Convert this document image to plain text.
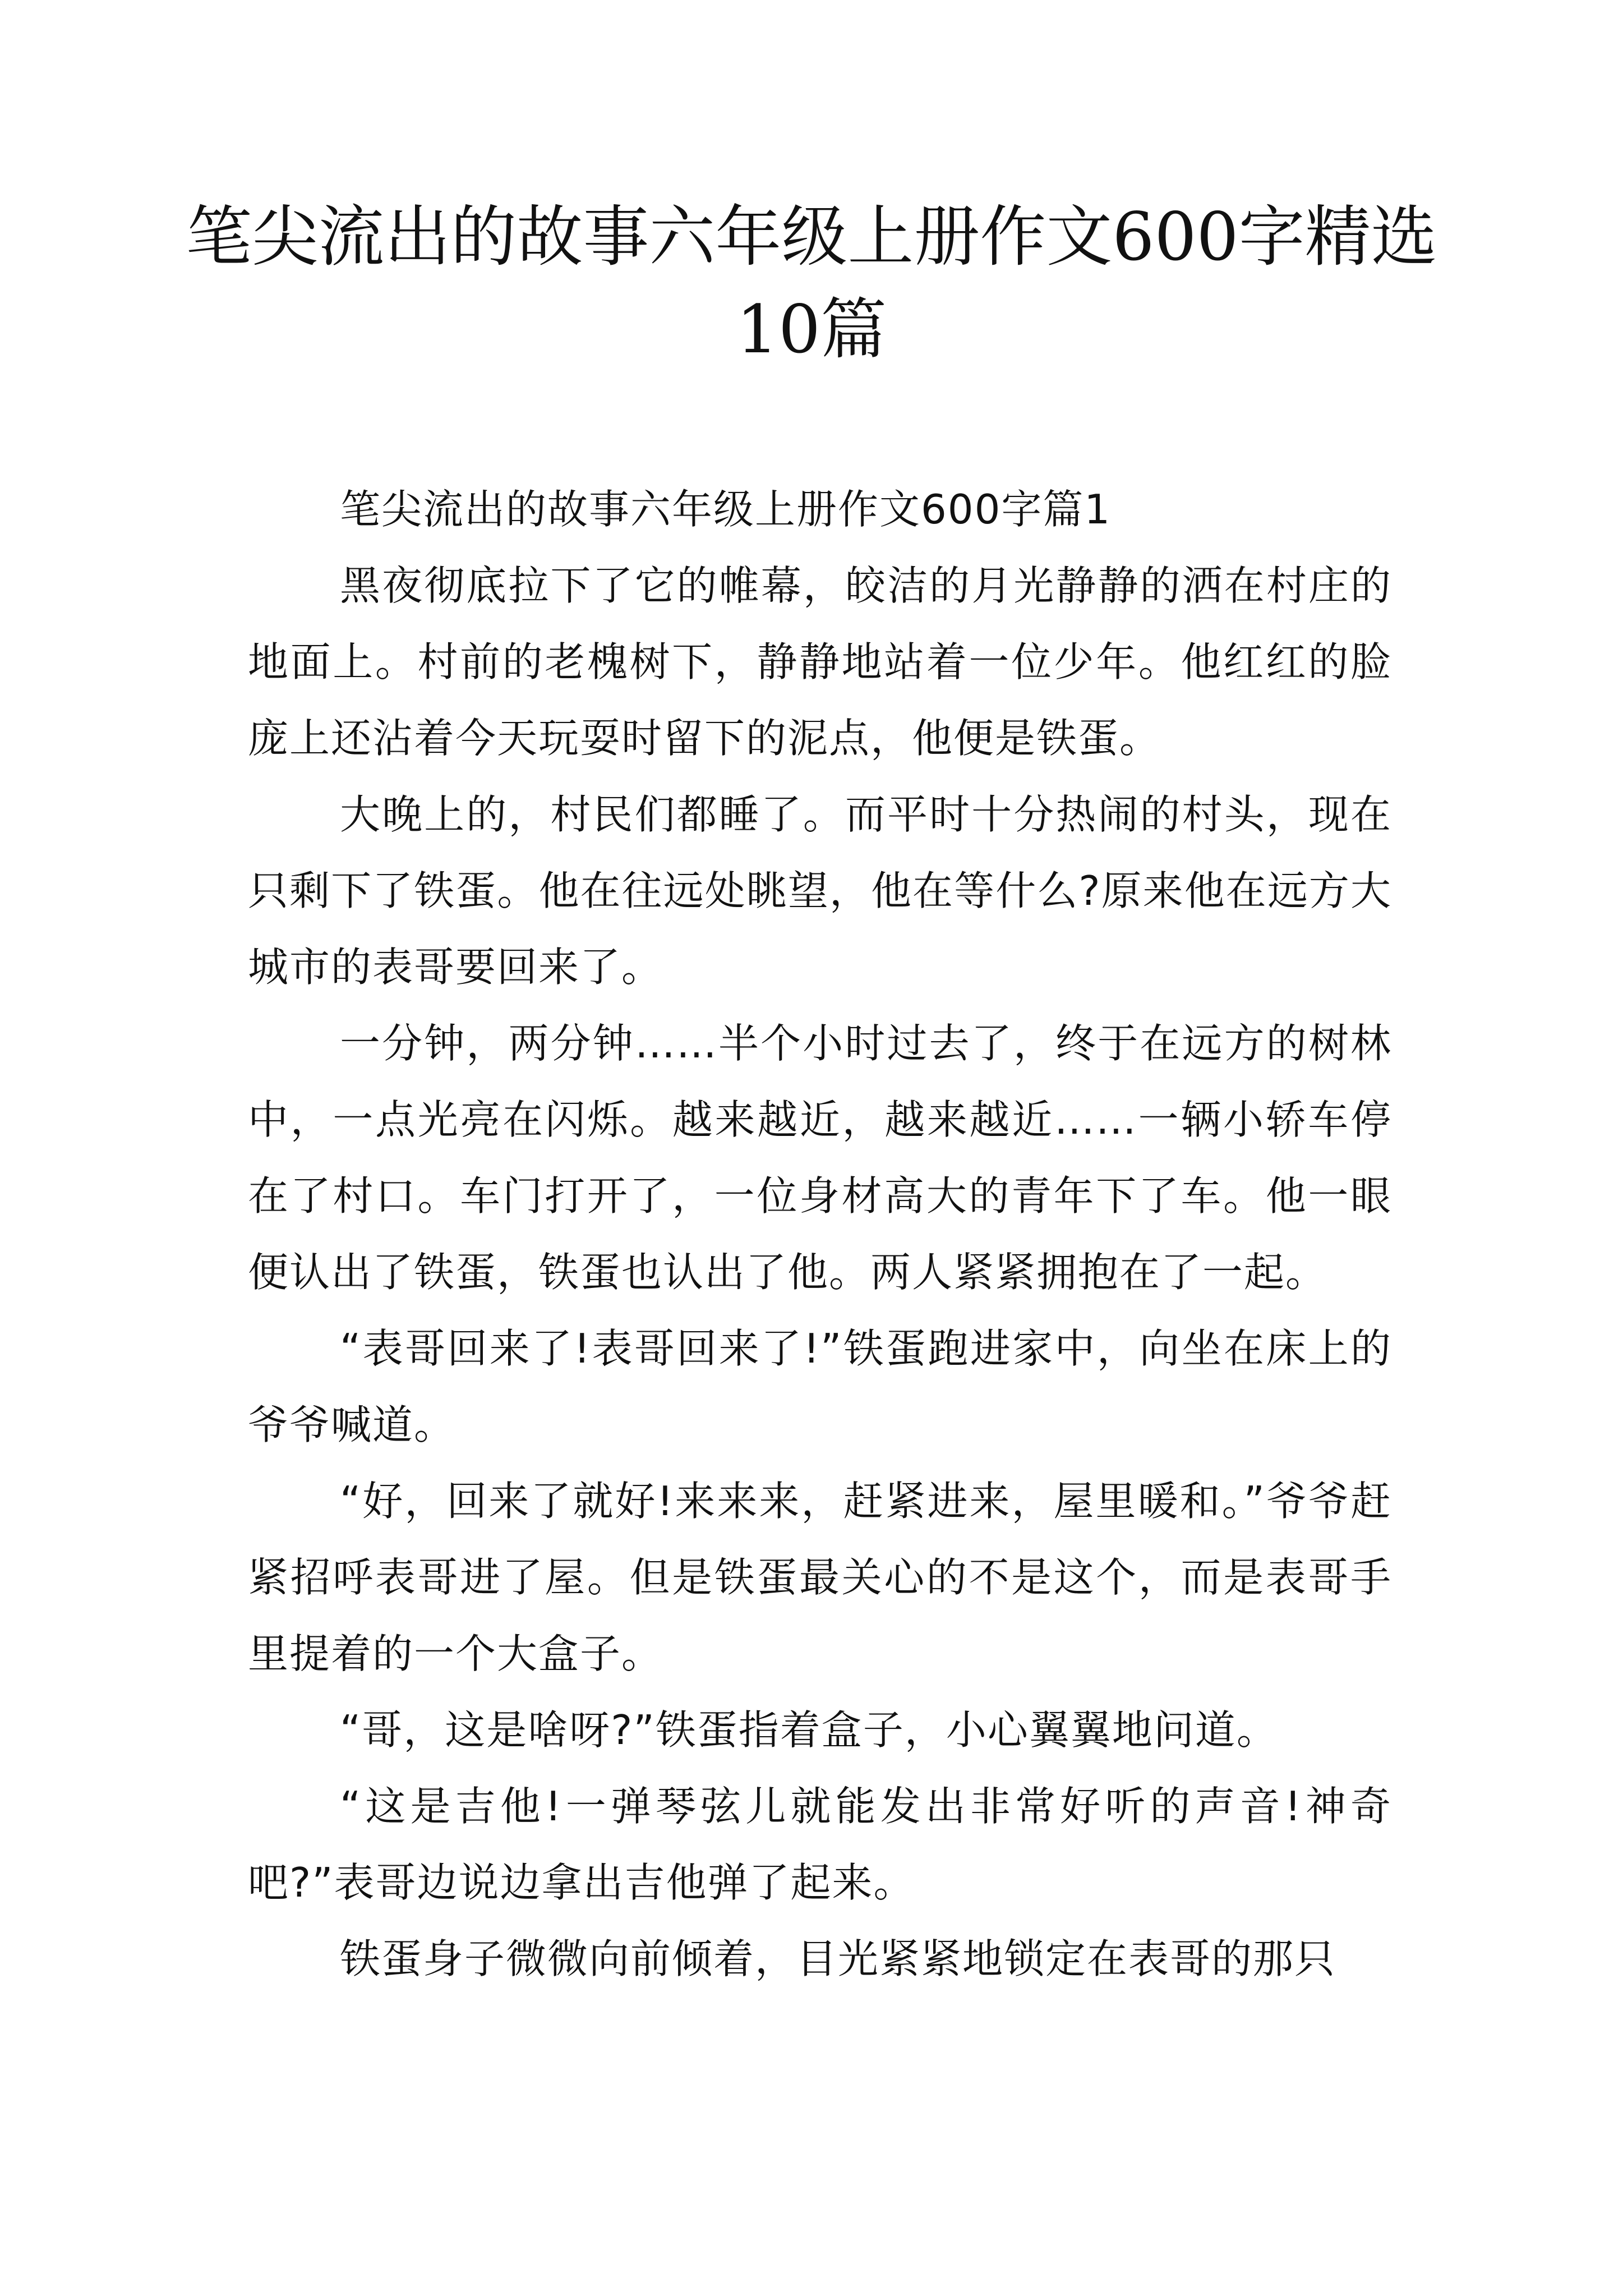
笔尖流出的故事六年级上册作文600字精选
10篇

笔尖流出的故事六年级上册作文600字篇1

黑夜彻底拉下了它的帷幕，皎洁的月光静静的洒在村庄的地面上。村前的老槐树下，静静地站着一位少年。他红红的脸庞上还沾着今天玩耍时留下的泥点，他便是铁蛋。

大晚上的，村民们都睡了。而平时十分热闹的村头，现在只剩下了铁蛋。他在往远处眺望，他在等什么?原来他在远方大城市的表哥要回来了。

一分钟，两分钟……半个小时过去了，终于在远方的树林中，一点光亮在闪烁。越来越近，越来越近……一辆小轿车停在了村口。车门打开了，一位身材高大的青年下了车。他一眼便认出了铁蛋，铁蛋也认出了他。两人紧紧拥抱在了一起。

“表哥回来了!表哥回来了!”铁蛋跑进家中，向坐在床上的爷爷喊道。

“好，回来了就好!来来来，赶紧进来，屋里暖和。”爷爷赶紧招呼表哥进了屋。但是铁蛋最关心的不是这个，而是表哥手里提着的一个大盒子。

“哥，这是啥呀?”铁蛋指着盒子，小心翼翼地问道。

“这是吉他!一弹琴弦儿就能发出非常好听的声音!神奇吧?”表哥边说边拿出吉他弹了起来。

铁蛋身子微微向前倾着，目光紧紧地锁定在表哥的那只
